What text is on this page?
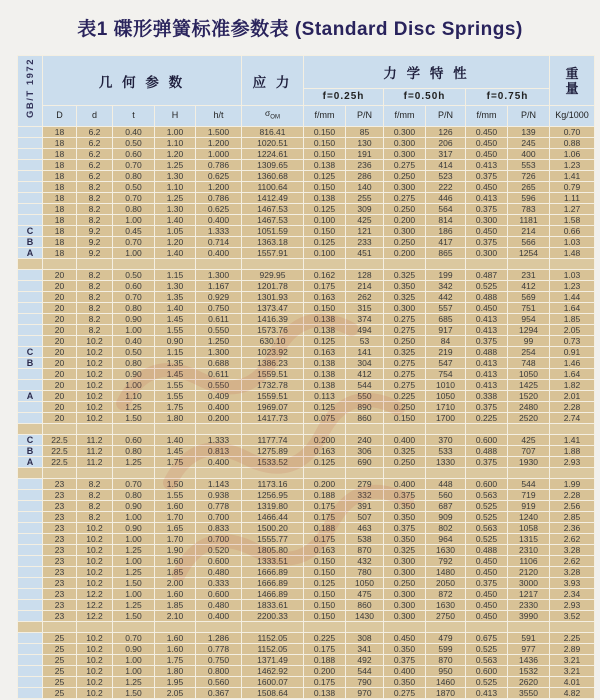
表1 碟形弹簧标准参数表 (Standard Disc Springs)
GB/T 1972	几 何 参 数					应 力	力 学 特 性						重
量

							f=0.25h		f=0.50h		f=0.75h		
	D	d	t	H	h/t	$\sigma_{OM}$	f/mm	P/N	f/mm	P/N	f/mm	P/N	Kg/1000
	18	6.2	0.40	1.00	1.500	816.41	0.150	85	0.300	126	0.450	139	0.70
	18	6.2	0.50	1.10	1.200	1020.51	0.150	130	0.300	206	0.450	245	0.88
	18	6.2	0.60	1.20	1.000	1224.61	0.150	191	0.300	317	0.450	400	1.06
	18	6.2	0.70	1.25	0.786	1309.65	0.138	236	0.275	414	0.413	553	1.23
	18	6.2	0.80	1.30	0.625	1360.68	0.125	286	0.250	523	0.375	726	1.41
	18	8.2	0.50	1.10	1.200	1100.64	0.150	140	0.300	222	0.450	265	0.79
	18	8.2	0.70	1.25	0.786	1412.49	0.138	255	0.275	446	0.413	596	1.11
	18	8.2	0.80	1.30	0.625	1467.53	0.125	309	0.250	564	0.375	783	1.27
	18	8.2	1.00	1.40	0.400	1467.53	0.100	425	0.200	814	0.300	1181	1.58
C	18	9.2	0.45	1.05	1.333	1051.59	0.150	121	0.300	186	0.450	214	0.66
B	18	9.2	0.70	1.20	0.714	1363.18	0.125	233	0.250	417	0.375	566	1.03
A	18	9.2	1.00	1.40	0.400	1557.91	0.100	451	0.200	865	0.300	1254	1.48

	20	8.2	0.50	1.15	1.300	929.95	0.162	128	0.325	199	0.487	231	1.03
	20	8.2	0.60	1.30	1.167	1201.78	0.175	214	0.350	342	0.525	412	1.23
	20	8.2	0.70	1.35	0.929	1301.93	0.163	262	0.325	442	0.488	569	1.44
	20	8.2	0.80	1.40	0.750	1373.47	0.150	315	0.300	557	0.450	751	1.64
	20	8.2	0.90	1.45	0.611	1416.39	0.138	374	0.275	685	0.413	954	1.85
	20	8.2	1.00	1.55	0.550	1573.76	0.138	494	0.275	917	0.413	1294	2.05
	20	10.2	0.40	0.90	1.250	630.10	0.125	53	0.250	84	0.375	99	0.73
C	20	10.2	0.50	1.15	1.300	1023.92	0.163	141	0.325	219	0.488	254	0.91
B	20	10.2	0.80	1.35	0.688	1386.23	0.138	304	0.275	547	0.413	748	1.46
	20	10.2	0.90	1.45	0.611	1559.51	0.138	412	0.275	754	0.413	1050	1.64
	20	10.2	1.00	1.55	0.550	1732.78	0.138	544	0.275	1010	0.413	1425	1.82
A	20	10.2	1.10	1.55	0.409	1559.51	0.113	550	0.225	1050	0.338	1520	2.01
	20	10.2	1.25	1.75	0.400	1969.07	0.125	890	0.250	1710	0.375	2480	2.28
	20	10.2	1.50	1.80	0.200	1417.73	0.075	860	0.150	1700	0.225	2520	2.74

C	22.5	11.2	0.60	1.40	1.333	1177.74	0.200	240	0.400	370	0.600	425	1.41
B	22.5	11.2	0.80	1.45	0.813	1275.89	0.163	306	0.325	533	0.488	707	1.88
A	22.5	11.2	1.25	1.75	0.400	1533.52	0.125	690	0.250	1330	0.375	1930	2.93

	23	8.2	0.70	1.50	1.143	1173.16	0.200	279	0.400	448	0.600	544	1.99
	23	8.2	0.80	1.55	0.938	1256.95	0.188	332	0.375	560	0.563	719	2.28
	23	8.2	0.90	1.60	0.778	1319.80	0.175	391	0.350	687	0.525	919	2.56
	23	8.2	1.00	1.70	0.700	1466.44	0.175	507	0.350	909	0.525	1240	2.85
	23	10.2	0.90	1.65	0.833	1500.20	0.188	463	0.375	802	0.563	1058	2.36
	23	10.2	1.00	1.70	0.700	1555.77	0.175	538	0.350	964	0.525	1315	2.62
	23	10.2	1.25	1.90	0.520	1805.80	0.163	870	0.325	1630	0.488	2310	3.28
	23	10.2	1.00	1.60	0.600	1333.51	0.150	432	0.300	792	0.450	1106	2.62
	23	10.2	1.25	1.85	0.480	1666.89	0.150	780	0.300	1480	0.450	2120	3.28
	23	10.2	1.50	2.00	0.333	1666.89	0.125	1050	0.250	2050	0.375	3000	3.93
	23	12.2	1.00	1.60	0.600	1466.89	0.150	475	0.300	872	0.450	1217	2.34
	23	12.2	1.25	1.85	0.480	1833.61	0.150	860	0.300	1630	0.450	2330	2.93
	23	12.2	1.50	2.10	0.400	2200.33	0.150	1430	0.300	2750	0.450	3990	3.52

	25	10.2	0.70	1.60	1.286	1152.05	0.225	308	0.450	479	0.675	591	2.25
	25	10.2	0.90	1.60	0.778	1152.05	0.175	341	0.350	599	0.525	977	2.89
	25	10.2	1.00	1.75	0.750	1371.49	0.188	492	0.375	870	0.563	1436	3.21
	25	10.2	1.00	1.80	0.800	1462.92	0.200	544	0.400	950	0.600	1532	3.21
	25	10.2	1.25	1.95	0.560	1600.07	0.175	790	0.350	1460	0.525	2620	4.01
	25	10.2	1.50	2.05	0.367	1508.64	0.138	970	0.275	1870	0.413	3550	4.82
